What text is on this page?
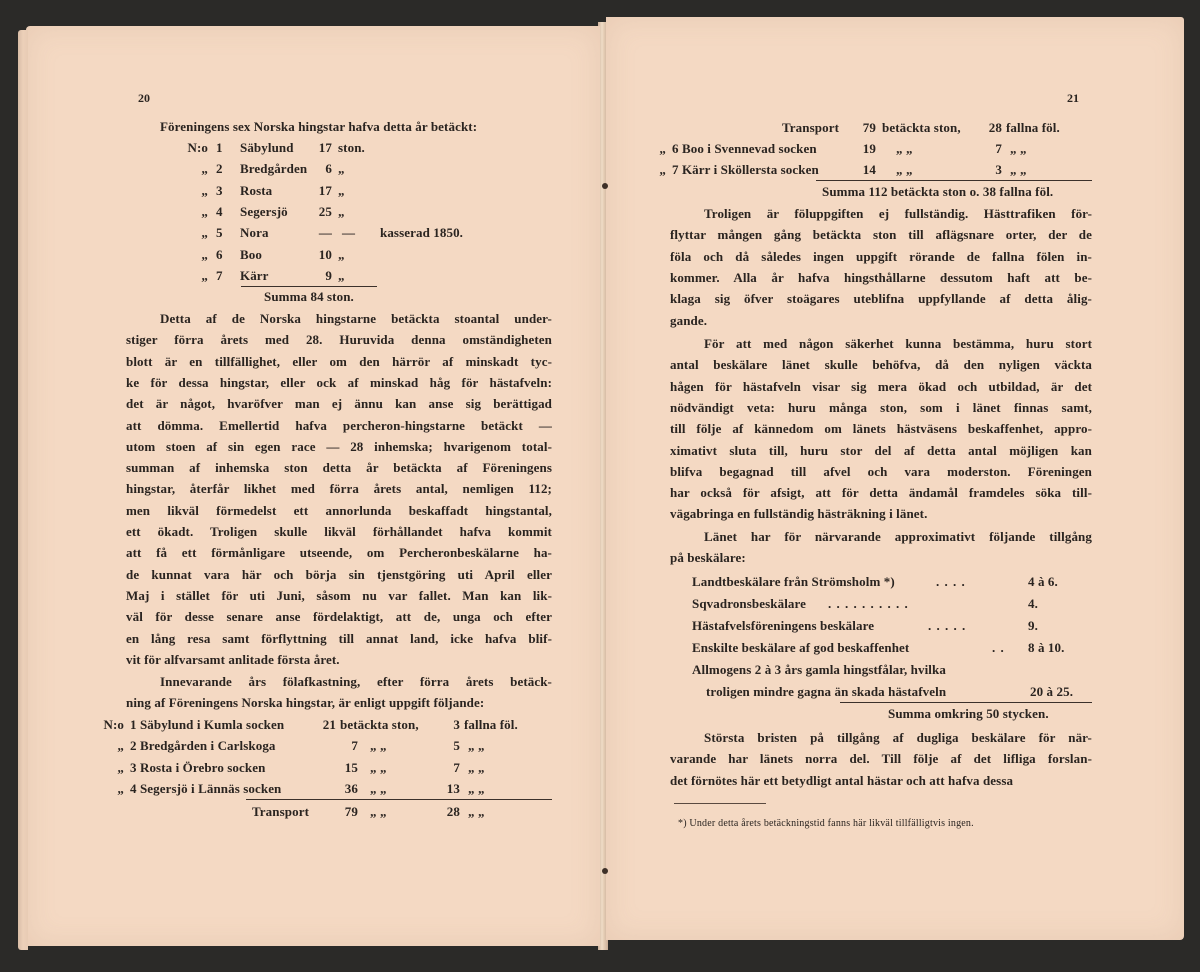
20
Föreningens sex Norska hingstar hafva detta år betäckt:
N:o 1 Säbylund	17 ston.
„ 2 Bredgården	6 „
„ 3 Rosta	17 „
„ 4 Segersjö	25 „
„ 5 Nora	— — kasserad 1850.
„ 6 Boo	10 „
„ 7 Kärr	9 „
Summa 84 ston.
Detta af de Norska hingstarne betäckta stoantal under-
stiger förra årets med 28. Huruvida denna omständigheten
blott är en tillfällighet, eller om den härrör af minskadt tyc-
ke för dessa hingstar, eller ock af minskad håg för hästafveln:
det är något, hvaröfver man ej ännu kan anse sig berättigad
att dömma. Emellertid hafva percheron-hingstarne betäckt —
utom stoen af sin egen race — 28 inhemska; hvarigenom total-
summan af inhemska ston detta år betäckta af Föreningens
hingstar, återfår likhet med förra årets antal, nemligen 112;
men likväl förmedelst ett annorlunda beskaffadt hingstantal,
ett ökadt. Troligen skulle likväl förhållandet hafva kommit
att få ett förmånligare utseende, om Percheronbeskälarne ha-
de kunnat vara här och börja sin tjenstgöring uti April eller
Maj i stället för uti Juni, såsom nu var fallet. Man kan lik-
väl för desse senare anse fördelaktigt, att de, unga och efter
en lång resa samt förflyttning till annat land, icke hafva blif-
vit för alfvarsamt anlitade första året.
Innevarande års fölafkastning, efter förra årets betäck-
ning af Föreningens Norska hingstar, är enligt uppgift följande:
N:o 1 Säbylund i Kumla socken	21 betäckta ston,	3 fallna föl.
„ 2 Bredgården i Carlskoga	7 „ „	5 „ „
„ 3 Rosta i Örebro socken	15 „ „	7 „ „
„ 4 Segersjö i Lännäs socken	36 „ „	13 „ „
Transport	79 „ „	28 „ „
21
Transport	79 betäckta ston,	28 fallna föl.
„ 6 Boo i Svennevad socken	19 „ „	7 „ „
„ 7 Kärr i Sköllersta socken	14 „ „	3 „ „
Summa 112 betäckta ston o. 38 fallna föl.
Troligen är föluppgiften ej fullständig. Hästtrafiken för-
flyttar mången gång betäckta ston till aflägsnare orter, der de
föla och då således ingen uppgift rörande de fallna fölen in-
kommer. Alla år hafva hingsthållarne dessutom haft att be-
klaga sig öfver stoägares uteblifna uppfyllande af detta ålig-
gande.
För att med någon säkerhet kunna bestämma, huru stort
antal beskälare länet skulle behöfva, då den nyligen väckta
hågen för hästafveln visar sig mera ökad och utbildad, är det
nödvändigt veta: huru många ston, som i länet finnas samt,
till följe af kännedom om länets hästväsens beskaffenhet, appro-
ximativt sluta till, huru stor del af detta antal möjligen kan
blifva begagnad till afvel och vara moderston. Föreningen
har också för afsigt, att för detta ändamål framdeles söka till-
vägabringa en fullständig hästräkning i länet.
Länet har för närvarande approximativt följande tillgång
på beskälare:
Landtbeskälare från Strömsholm *)	. . . .	4 à 6.
Sqvadronsbeskälare . . . . . . . . . .	4.
Hästafvelsföreningens beskälare	. . . . .	9.
Enskilte beskälare af god beskaffenhet	. . 8 à 10.
Allmogens 2 à 3 års gamla hingstfålar, hvilka
troligen mindre gagna än skada hästafveln	20 à 25.
Summa omkring 50 stycken.
Största bristen på tillgång af dugliga beskälare för när-
varande har länets norra del. Till följe af det lifliga forslan-
det förnötes här ett betydligt antal hästar och att hafva dessa
*) Under detta årets betäckningstid fanns här likväl tillfälligtvis ingen.
